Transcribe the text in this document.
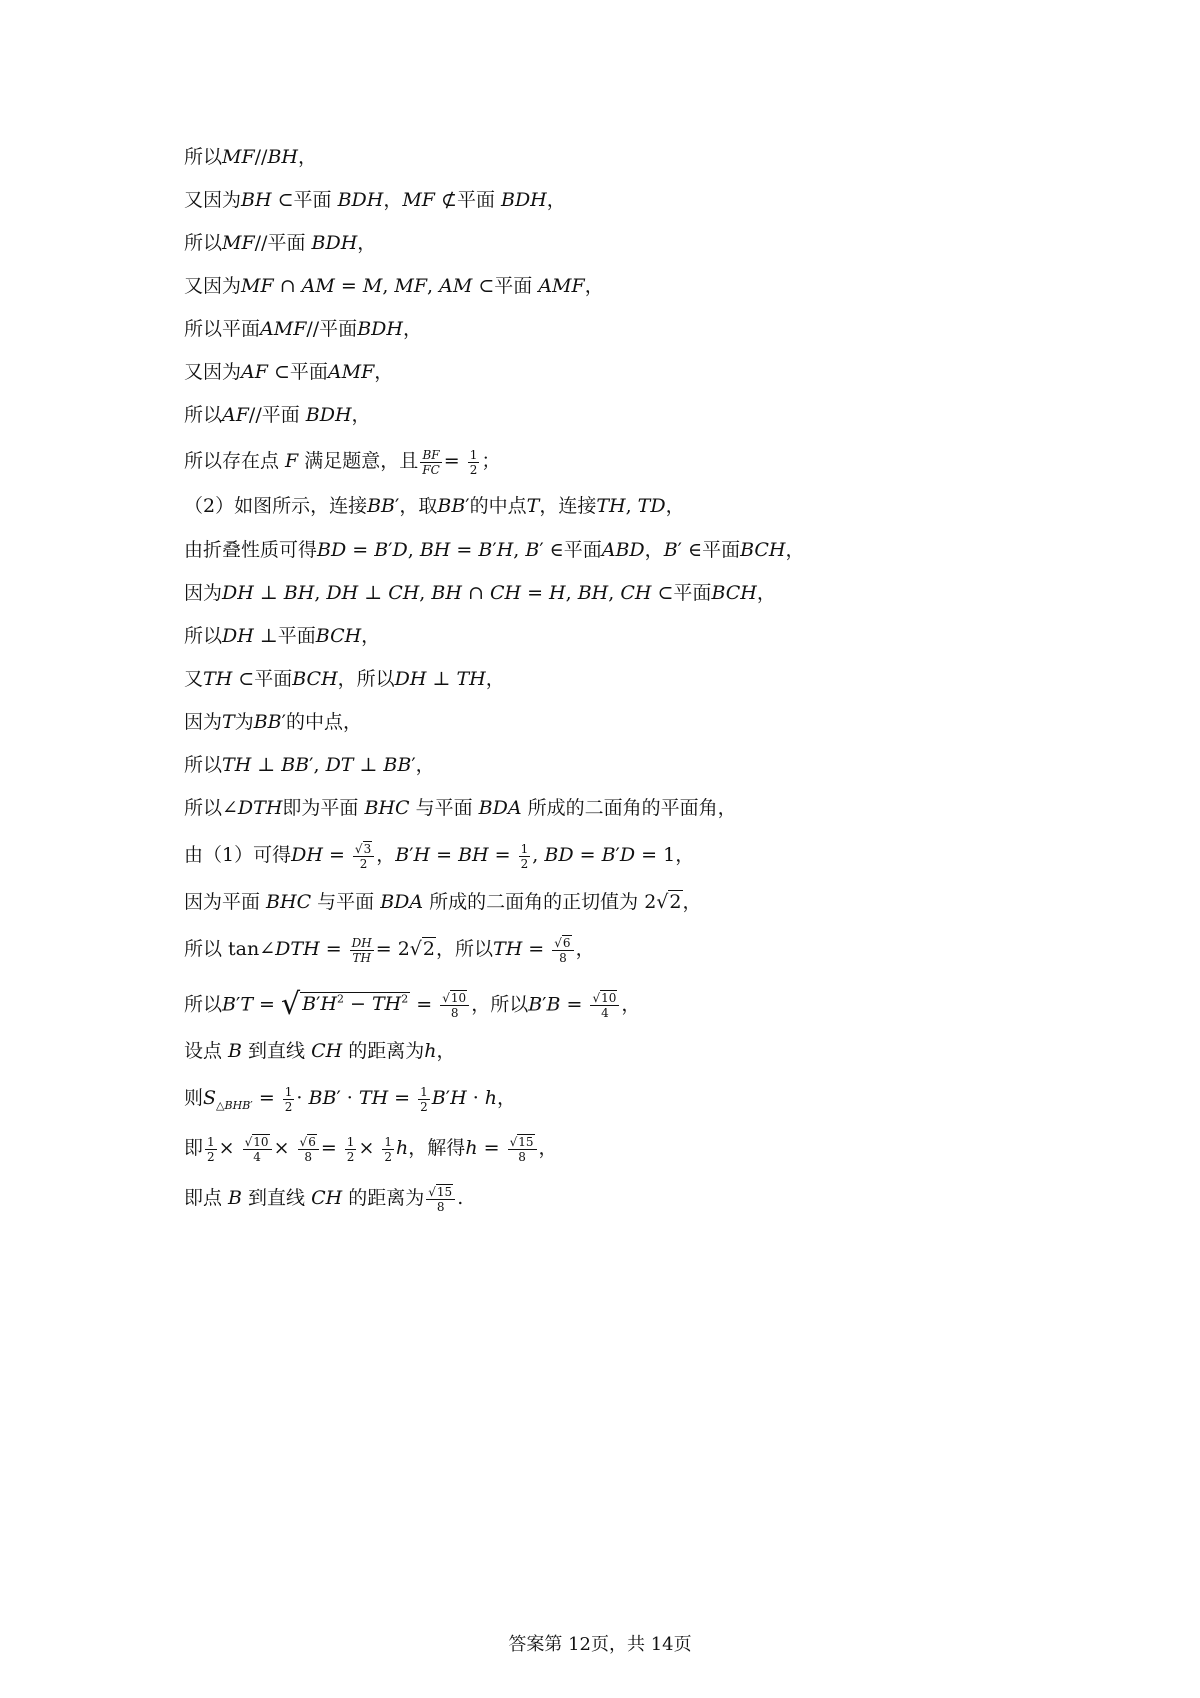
所以MF//BH，
又因为BH ⊂平面 BDH，MF ⊄平面 BDH，
所以MF//平面 BDH，
又因为MF ∩ AM = M, MF, AM ⊂平面 AMF，
所以平面AMF//平面BDH，
又因为AF ⊂平面AMF，
所以AF//平面 BDH，
所以存在点 F 满足题意，且 $\frac{BF}{FC} = \frac{1}{2}$ ；
（2）如图所示，连接BB′，取BB′的中点T，连接TH, TD，
由折叠性质可得BD = B′D, BH = B′H, B′ ∈平面ABD，B′ ∈平面BCH，
因为DH ⊥ BH, DH ⊥ CH, BH ∩ CH = H, BH, CH ⊂平面BCH，
所以DH ⊥平面BCH，
又TH ⊂平面BCH，所以DH ⊥ TH，
因为T为BB′的中点，
所以TH ⊥ BB′, DT ⊥ BB′，
所以∠DTH即为平面 BHC 与平面 BDA 所成的二面角的平面角，
由（1）可得DH = $\frac{√3}{2}$ ，B′H = BH = $\frac{1}{2}$ , BD = B′D = 1，
因为平面 BHC 与平面 BDA 所成的二面角的正切值为 2√2，
所以 tan∠DTH = $\frac{DH}{TH} = 2√2$，所以TH = $\frac{√6}{8}$ ，
所以B′T = √ $B'H^2 - TH^2 = \frac{√10}{8}$ ，所以$B'B = \frac{√10}{4}$ ，
设点 B 到直线 CH 的距离为h，
则$S_{\triangle BHB'} = \frac{1}{2} \cdot BB'$ · TH = $\frac{1}{2} B'H \cdot h$，
即 $\frac{1}{2} \times \frac{√10}{4} \times \frac{√6}{8} = \frac{1}{2} \times \frac{1}{2}$ h，解得$h = \frac{√15}{8}$ ，
即点 B 到直线 CH 的距离为 $\frac{√15}{8}$ .
答案第 12页，共 14页
